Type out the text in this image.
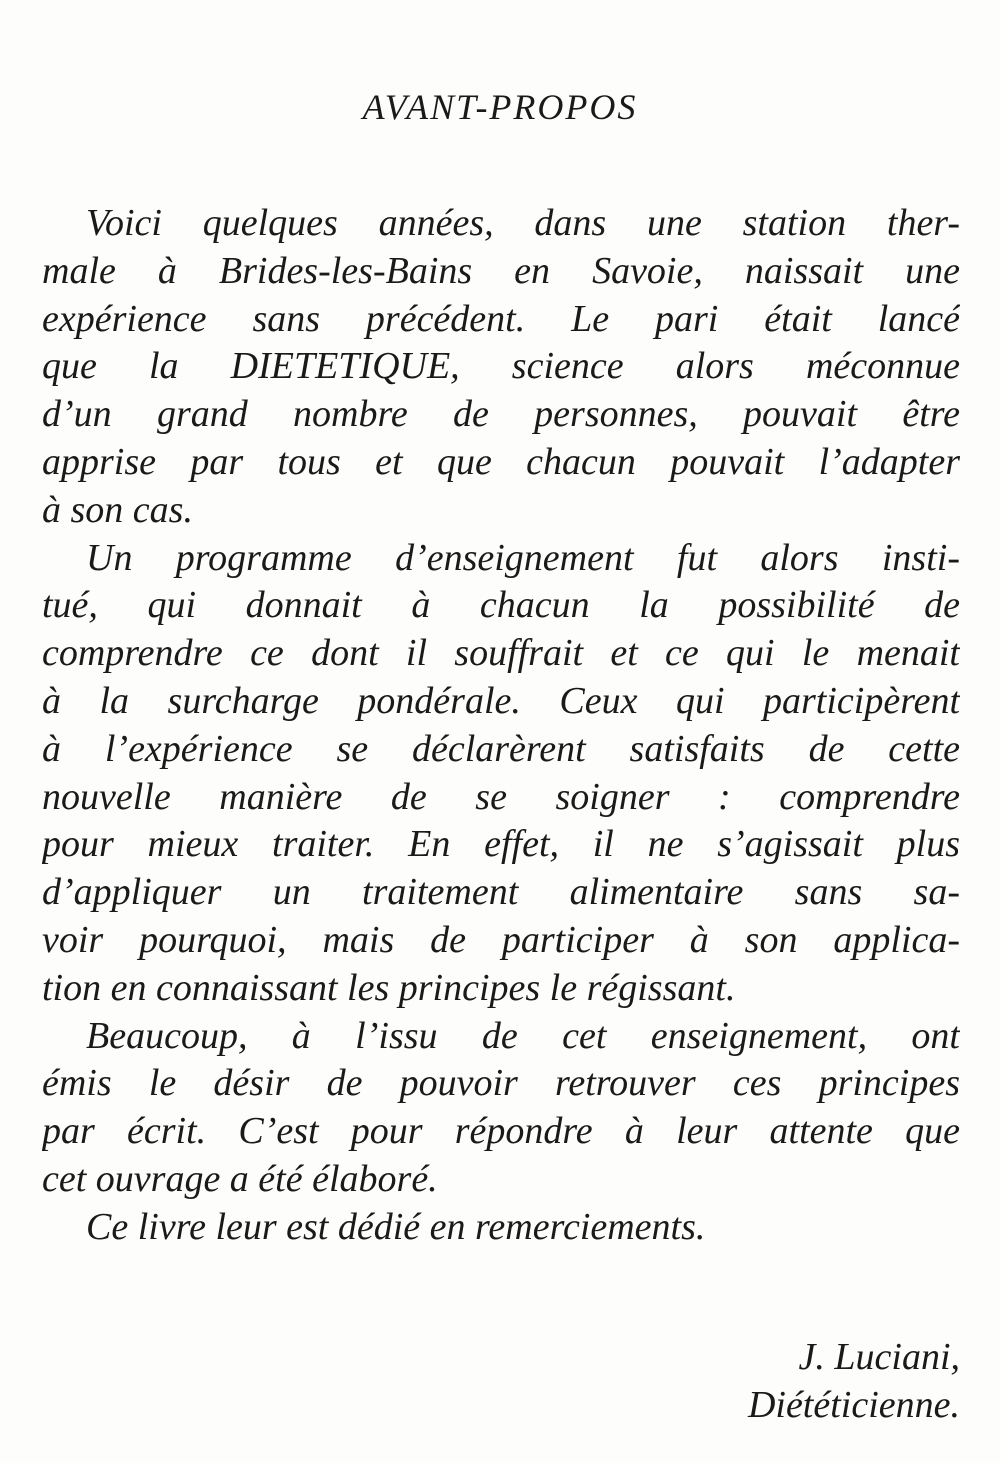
AVANT-PROPOS
Voici quelques années, dans une station ther-
male à Brides-les-Bains en Savoie, naissait une
expérience sans précédent. Le pari était lancé
que la DIETETIQUE, science alors méconnue
d’un grand nombre de personnes, pouvait être
apprise par tous et que chacun pouvait l’adapter
à son cas.
Un programme d’enseignement fut alors insti-
tué, qui donnait à chacun la possibilité de
comprendre ce dont il souffrait et ce qui le menait
à la surcharge pondérale. Ceux qui participèrent
à l’expérience se déclarèrent satisfaits de cette
nouvelle manière de se soigner : comprendre
pour mieux traiter. En effet, il ne s’agissait plus
d’appliquer un traitement alimentaire sans sa-
voir pourquoi, mais de participer à son applica-
tion en connaissant les principes le régissant.
Beaucoup, à l’issu de cet enseignement, ont
émis le désir de pouvoir retrouver ces principes
par écrit. C’est pour répondre à leur attente que
cet ouvrage a été élaboré.
Ce livre leur est dédié en remerciements.
J. Luciani,
Diététicienne.
